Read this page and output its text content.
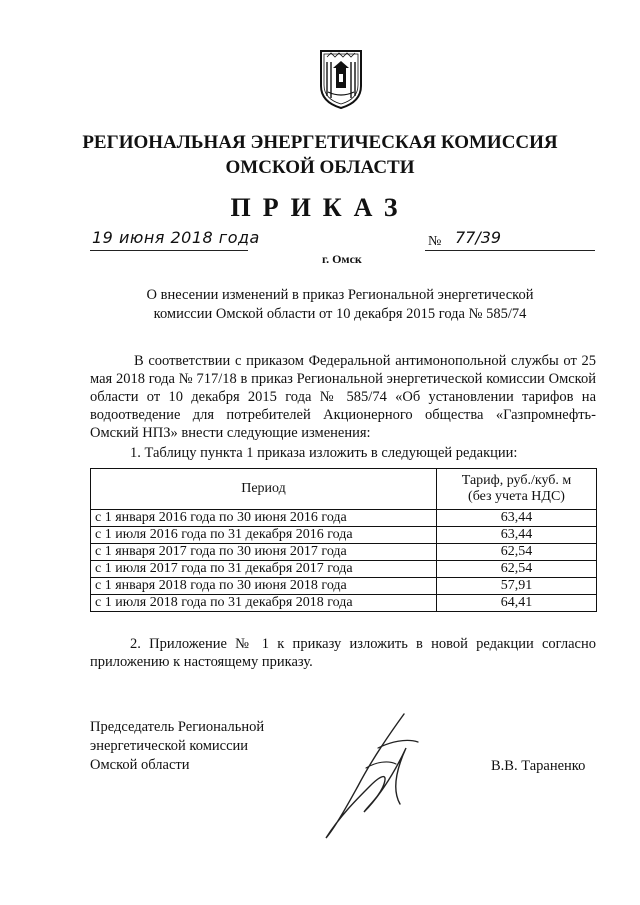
РЕГИОНАЛЬНАЯ ЭНЕРГЕТИЧЕСКАЯ КОМИССИЯ
ОМСКОЙ ОБЛАСТИ
ПРИКАЗ
19 июня 2018 года
г. Омск
№ 77/39
О внесении изменений в приказ Региональной энергетической
комиссии Омской области от 10 декабря 2015 года № 585/74
В соответствии с приказом Федеральной антимонопольной службы от 25 мая 2018 года № 717/18 в приказ Региональной энергетической комиссии Омской области от 10 декабря 2015 года № 585/74 «Об установлении тарифов на водоотведение для потребителей Акционерного общества «Газпромнефть-Омский НПЗ» внести следующие изменения:
1. Таблицу пункта 1 приказа изложить в следующей редакции:
Период	Тариф, руб./куб. м
(без учета НДС)

с 1 января 2016 года по 30 июня 2016 года	63,44
с 1 июля 2016 года по 31 декабря 2016 года	63,44
с 1 января 2017 года по 30 июня 2017 года	62,54
с 1 июля 2017 года по 31 декабря 2017 года	62,54
с 1 января 2018 года по 30 июня 2018 года	57,91
с 1 июля 2018 года по 31 декабря 2018 года	64,41
2. Приложение № 1 к приказу изложить в новой редакции согласно приложению к настоящему приказу.
Председатель Региональной
энергетической комиссии
Омской области	В.В. Тараненко
